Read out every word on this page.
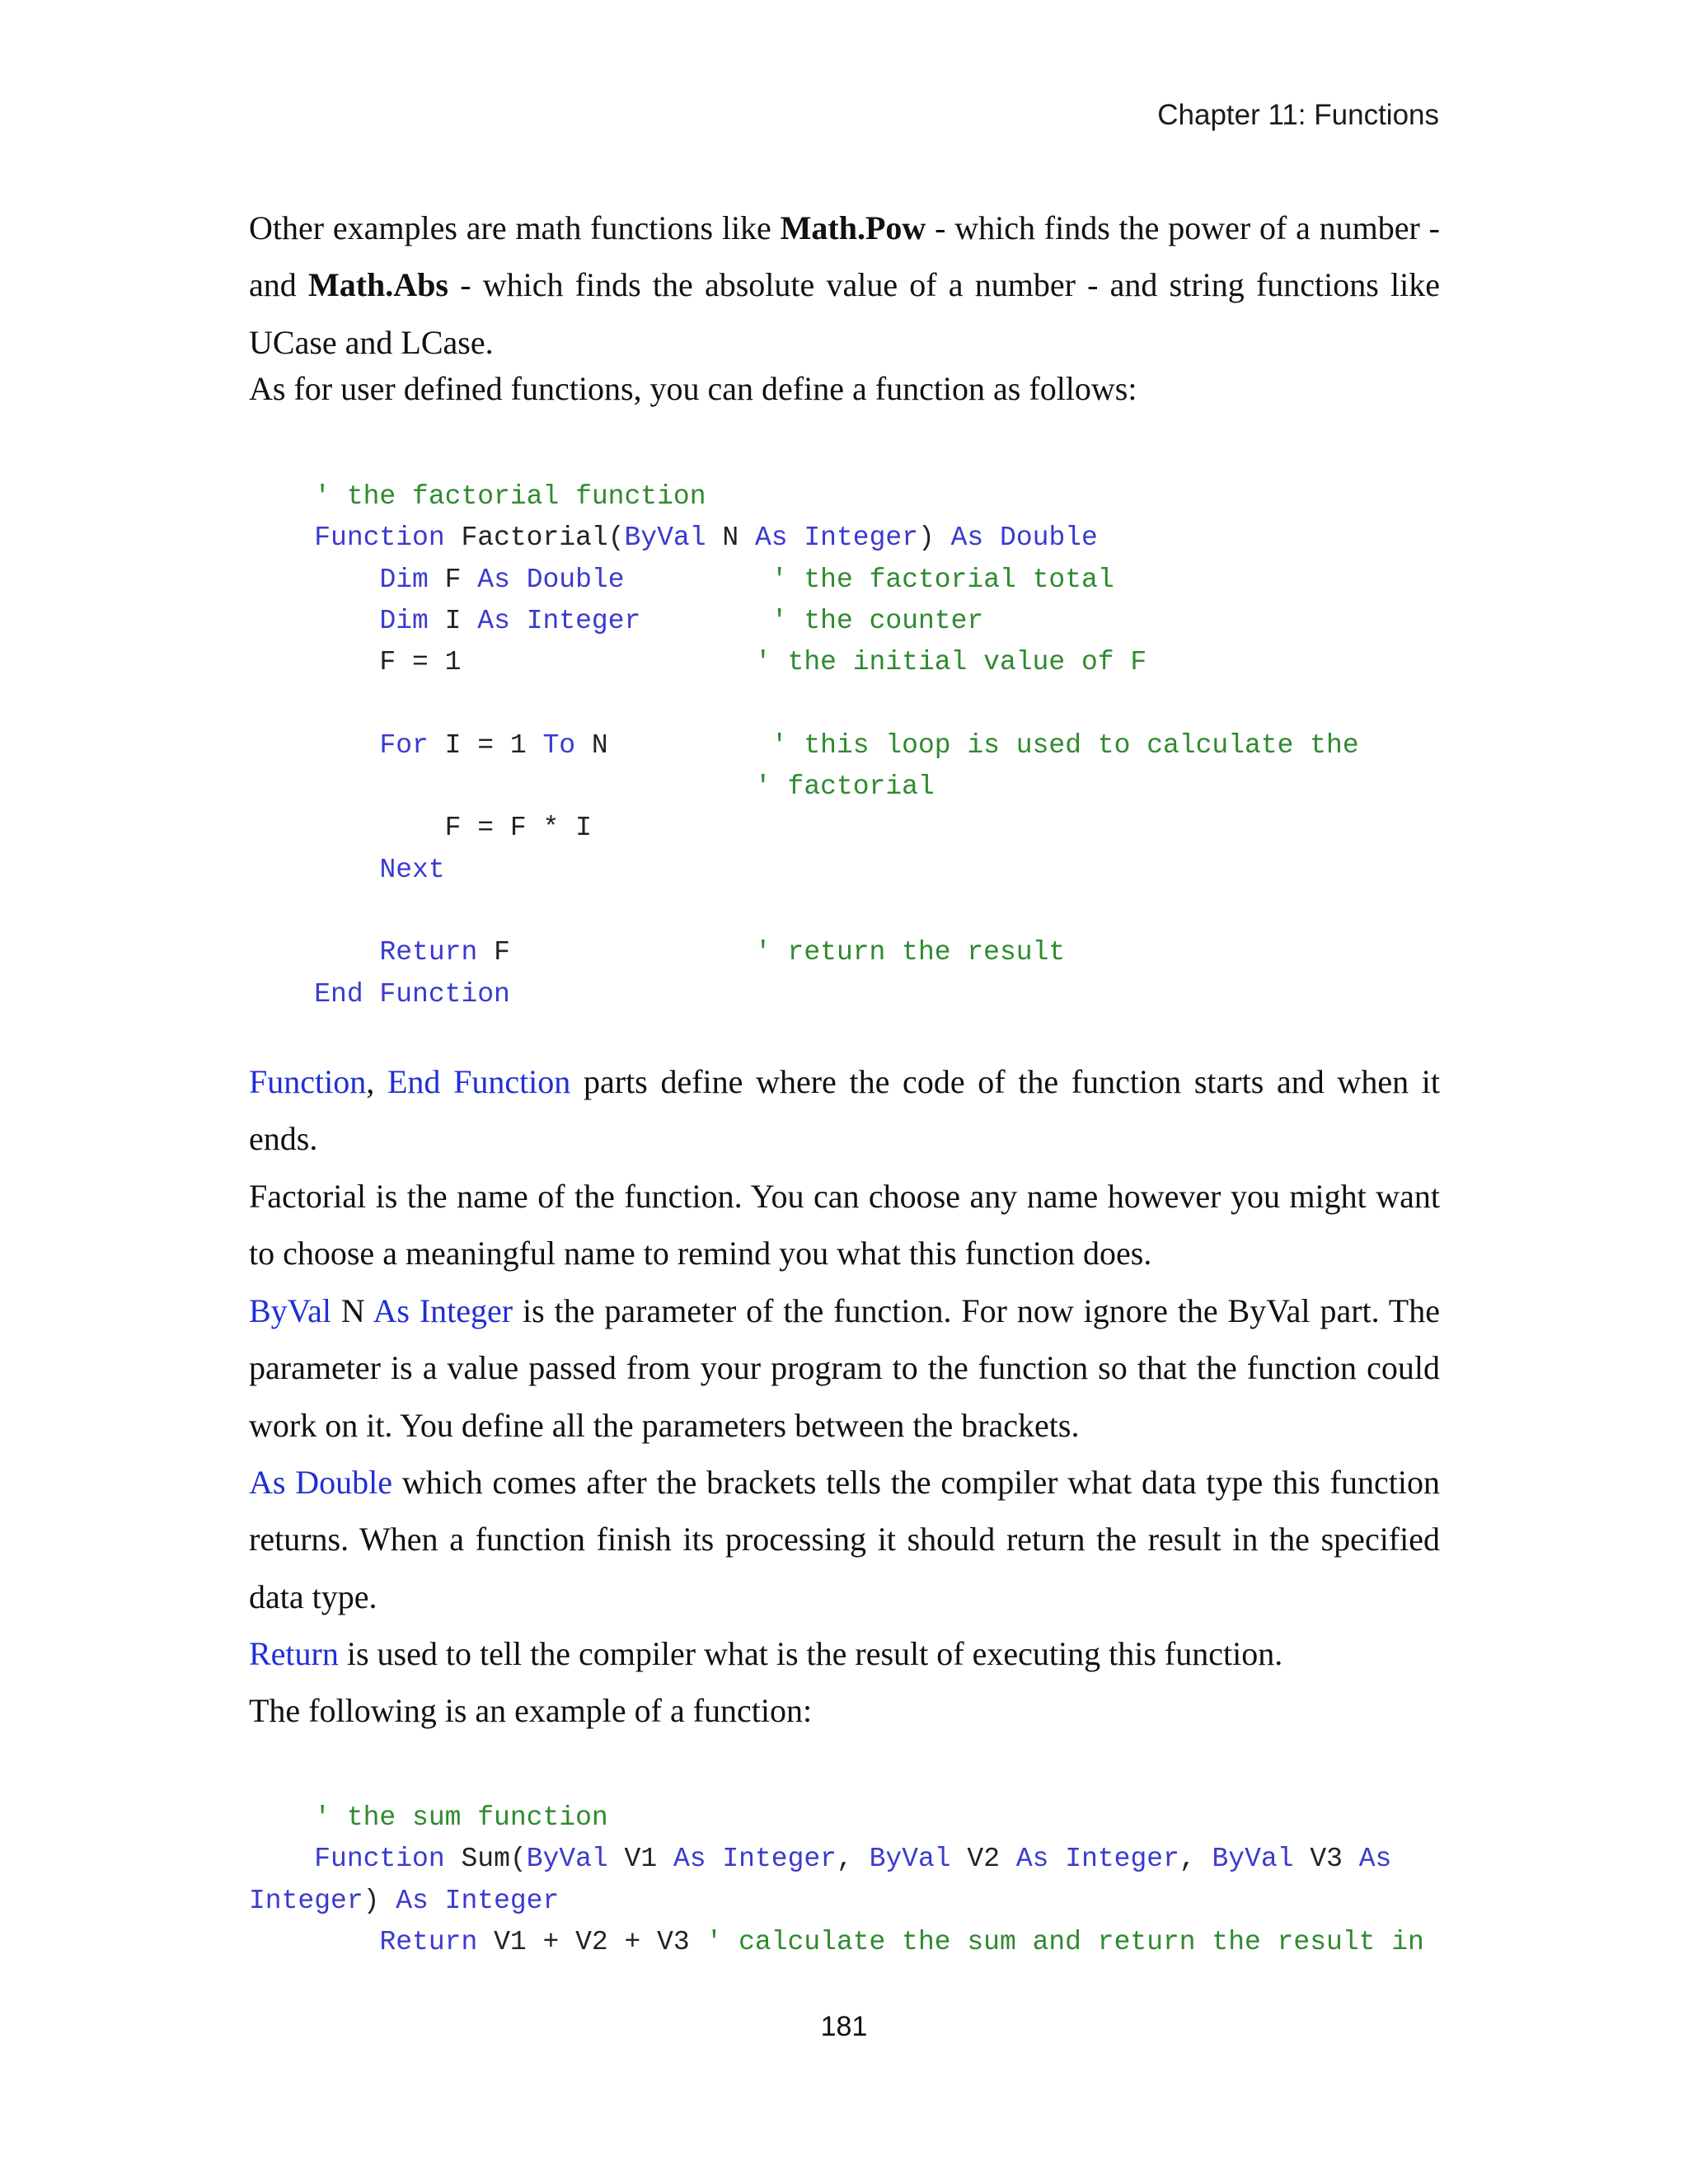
Chapter 11: Functions

Other examples are math functions like Math.Pow - which finds the power of a number - and Math.Abs - which finds the absolute value of a number - and string functions like UCase and LCase.

As for user defined functions, you can define a function as follows:

' the factorial function
Function Factorial(ByVal N As Integer) As Double
Dim F As Double	' the factorial total
Dim I As Integer	' the counter
F = 1                  ' the initial value of F

For I = 1 To N          ' this loop is used to calculate the
' factorial
F = F * I
Next

Return F               ' return the result
End Function

Function, End Function parts define where the code of the function starts and when it ends.

Factorial is the name of the function. You can choose any name however you might want to choose a meaningful name to remind you what this function does.

ByVal N As Integer is the parameter of the function. For now ignore the ByVal part. The parameter is a value passed from your program to the function so that the function could work on it. You define all the parameters between the brackets.

As Double which comes after the brackets tells the compiler what data type this function returns. When a function finish its processing it should return the result in the specified data type.

Return is used to tell the compiler what is the result of executing this function.

The following is an example of a function:

' the sum function
Function Sum(ByVal V1 As Integer, ByVal V2 As Integer, ByVal V3 As
Integer) As Integer
Return V1 + V2 + V3 ' calculate the sum and return the result in
181
